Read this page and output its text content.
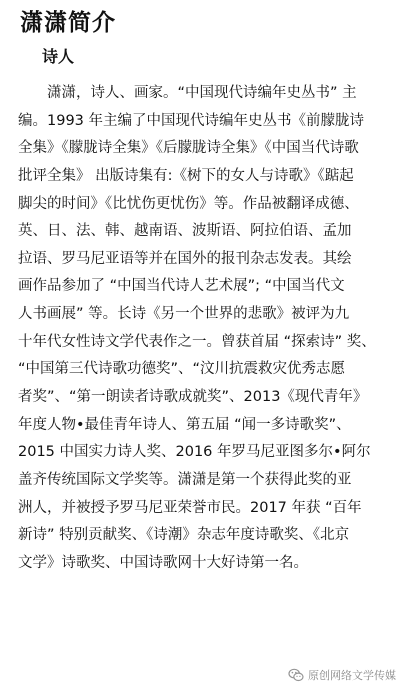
潇潇简介
诗人
　　潇潇，诗人、画家。“中国现代诗编年史丛书” 主
编。1993 年主编了中国现代诗编年史丛书《前朦胧诗
全集》《朦胧诗全集》《后朦胧诗全集》《中国当代诗歌
批评全集》 出版诗集有:《树下的女人与诗歌》《踮起
脚尖的时间》《比忧伤更忧伤》等。作品被翻译成德、
英、日、法、韩、越南语、波斯语、阿拉伯语、孟加
拉语、罗马尼亚语等并在国外的报刊杂志发表。其绘
画作品参加了 “中国当代诗人艺术展”; “中国当代文
人书画展” 等。长诗《另一个世界的悲歌》被评为九
十年代女性诗文学代表作之一。曾获首届 “探索诗” 奖、
“中国第三代诗歌功德奖”、“汶川抗震救灾优秀志愿
者奖”、“第一朗读者诗歌成就奖”、2013《现代青年》
年度人物•最佳青年诗人、第五届 “闻一多诗歌奖”、
2015 中国实力诗人奖、2016 年罗马尼亚图多尔•阿尔
盖齐传统国际文学奖等。潇潇是第一个获得此奖的亚
洲人，并被授予罗马尼亚荣誉市民。2017 年获 “百年
新诗” 特别贡献奖、《诗潮》杂志年度诗歌奖、《北京
文学》诗歌奖、中国诗歌网十大好诗第一名。
原创网络文学传媒
